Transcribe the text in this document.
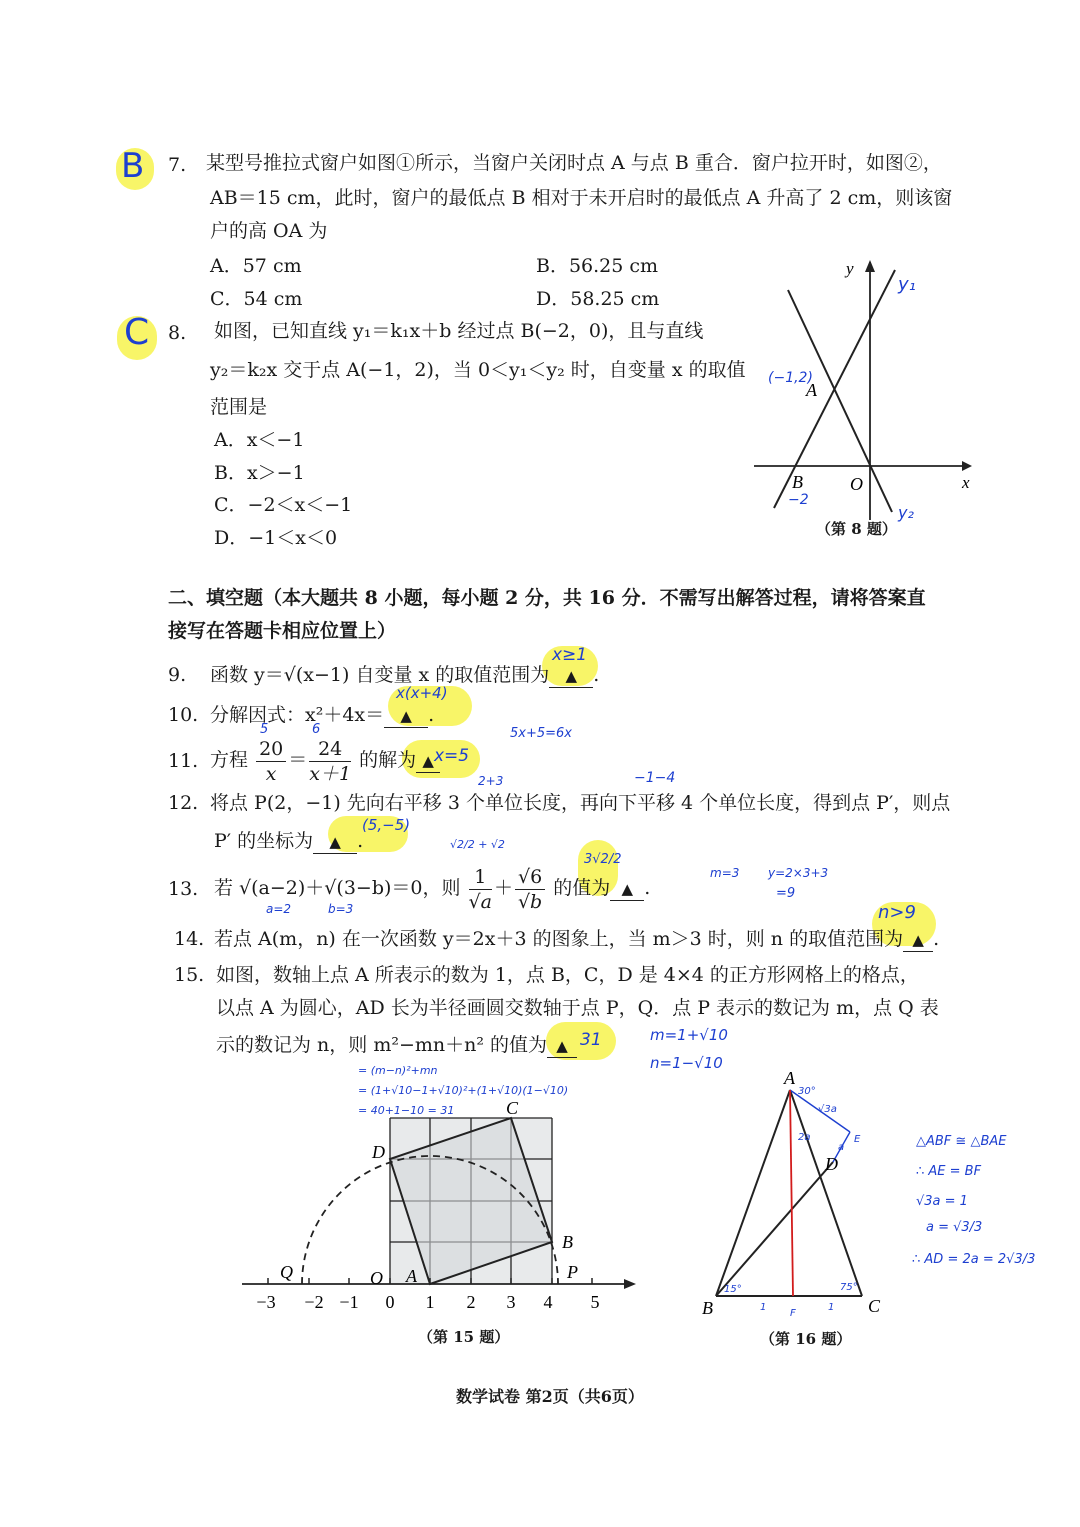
B 7. 某型号推拉式窗户如图①所示，当窗户关闭时点 A 与点 B 重合．窗户拉开时，如图②，
AB＝15 cm，此时，窗户的最低点 B 相对于未开启时的最低点 A 升高了 2 cm，则该窗
户的高 OA 为
A．57 cm	B．56.25 cm
C．54 cm	D．58.25 cm
C 8. 如图，已知直线 y₁＝k₁x＋b 经过点 B(−2，0)，且与直线
y₂＝k₂x 交于点 A(−1，2)，当 0＜y₁＜y₂ 时，自变量 x 的取值
范围是
A．x＜−1
B．x＞−1
C．−2＜x＜−1
D．−1＜x＜0
y
x
O
A
B
y₁
y₂
(−1,2)
−2
（第 8 题）
二、填空题（本大题共 8 小题，每小题 2 分，共 16 分．不需写出解答过程，请将答案直
接写在答题卡相应位置上）
9. 函数 y＝√(x−1) 自变量 x 的取值范围为 ▲ .
x≥1
10. 分解因式：x²＋4x＝ ▲ .
x(x+4)
11. 方程 $\frac{20}{x} = \frac{24}{x+1}$ 的解为 ▲ x=5
5	6	5x+5=6x
12. 将点 P(2，−1) 先向右平移 3 个单位长度，再向下平移 4 个单位长度，得到点 P′，则点
P′ 的坐标为 ▲ .
(5,−5)
2+3	−1−4
13. 若 √(a−2)＋√(3−b)＝0，则 $\frac{1}{√a} + \frac{√6}{√b}$ 的值为 ▲ .
3√2/2
a=2	b=3
√2/2 + √2
m=3 y=2×3+3
=9
14. 若点 A(m，n) 在一次函数 y＝2x＋3 的图象上，当 m＞3 时，则 n 的取值范围为 ▲ .
n>9
15. 如图，数轴上点 A 所表示的数为 1，点 B，C，D 是 4×4 的正方形网格上的格点，
以点 A 为圆心，AD 长为半径画圆交数轴于点 P，Q．点 P 表示的数记为 m，点 Q 表
示的数记为 n，则 m²−mn＋n² 的值为 ▲ 31	m=1+√10
n=1−√10
= (m−n)²+mn
= (1+√10−1+√10)²+(1+√10)(1−√10)
= 40+1−10 = 31
−3 −2 −1 0 1 2 3 4 5
Q	O A	P
B
C
D
（第 15 题）
A
B	C
D
E
F
30°
√3a
a
2a
15°	75°
1	1
（第 16 题）
△ABF ≅ △BAE
∴ AE = BF
√3a = 1
a = √3/3
∴ AD = 2a = 2√3/3
数学试卷 第2页（共6页）
